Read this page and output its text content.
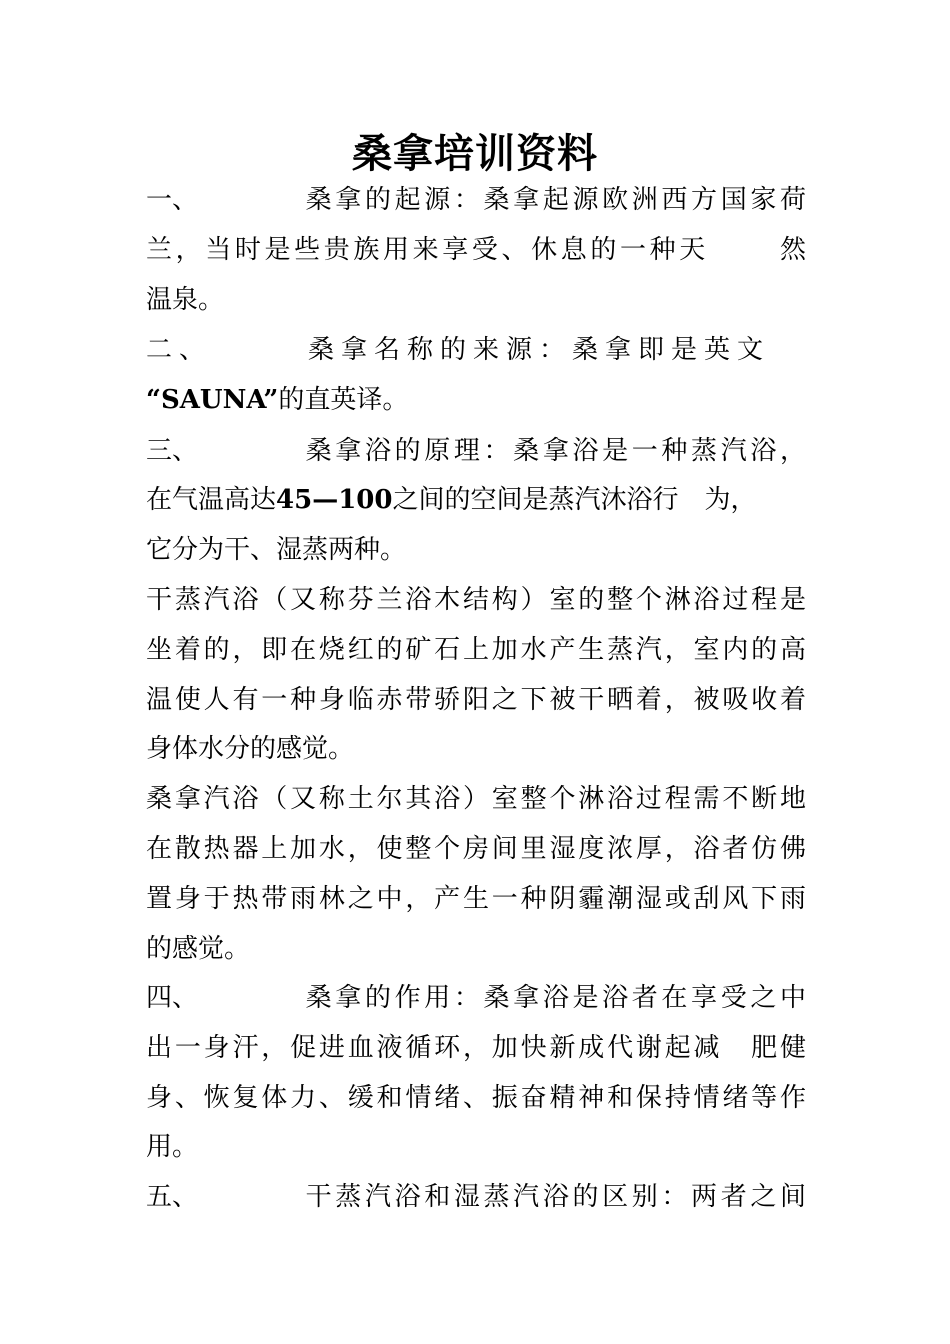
桑拿培训资料
一、	桑拿的起源：桑拿起源欧洲西方国家荷
兰，当时是些贵族用来享受、休息的一种天　　 然
温泉。
二、	桑拿名称的来源：桑拿即是英文
“SAUNA”的直英译。
三、	桑拿浴的原理：桑拿浴是一种蒸汽浴，
在气温高达45—100之间的空间是蒸汽沐浴行　为，
它分为干、湿蒸两种。
干蒸汽浴（又称芬兰浴木结构）室的整个淋浴过程是
坐着的，即在烧红的矿石上加水产生蒸汽，室内的高
温使人有一种身临赤带骄阳之下被干晒着，被吸收着
身体水分的感觉。
桑拿汽浴（又称土尔其浴）室整个淋浴过程需不断地
在散热器上加水，使整个房间里湿度浓厚，浴者仿佛
置身于热带雨林之中，产生一种阴霾潮湿或刮风下雨
的感觉。
四、	桑拿的作用：桑拿浴是浴者在享受之中
出一身汗，促进血液循环，加快新成代谢起减　肥健
身、恢复体力、缓和情绪、振奋精神和保持情绪等作
用。
五、	干蒸汽浴和湿蒸汽浴的区别：两者之间
